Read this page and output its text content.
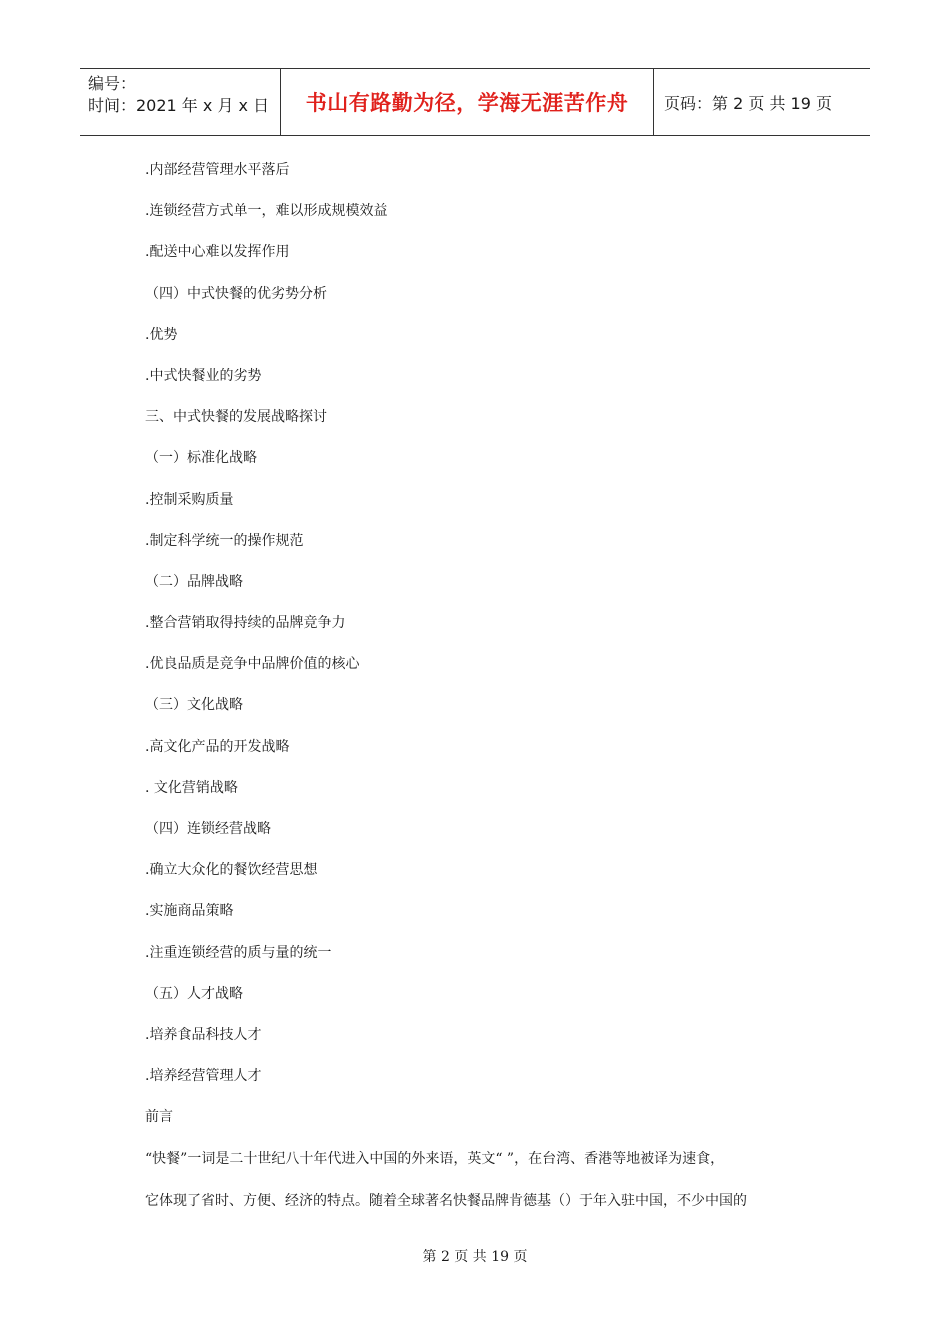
编号：
时间：2021 年 x 月 x 日	书山有路勤为径，学海无涯苦作舟 页码：第 2 页 共 19 页
.内部经营管理水平落后
.连锁经营方式单一，难以形成规模效益
.配送中心难以发挥作用
（四）中式快餐的优劣势分析
.优势
.中式快餐业的劣势
三、中式快餐的发展战略探讨
（一）标准化战略
.控制采购质量
.制定科学统一的操作规范
（二）品牌战略
.整合营销取得持续的品牌竞争力
.优良品质是竞争中品牌价值的核心
（三）文化战略
.高文化产品的开发战略
. 文化营销战略
（四）连锁经营战略
.确立大众化的餐饮经营思想
.实施商品策略
.注重连锁经营的质与量的统一
（五）人才战略
.培养食品科技人才
.培养经营管理人才
前言
“快餐”一词是二十世纪八十年代进入中国的外来语，英文“ ”，在台湾、香港等地被译为速食，
它体现了省时、方便、经济的特点。随着全球著名快餐品牌肯德基（）于年入驻中国，不少中国的
第 2 页 共 19 页
